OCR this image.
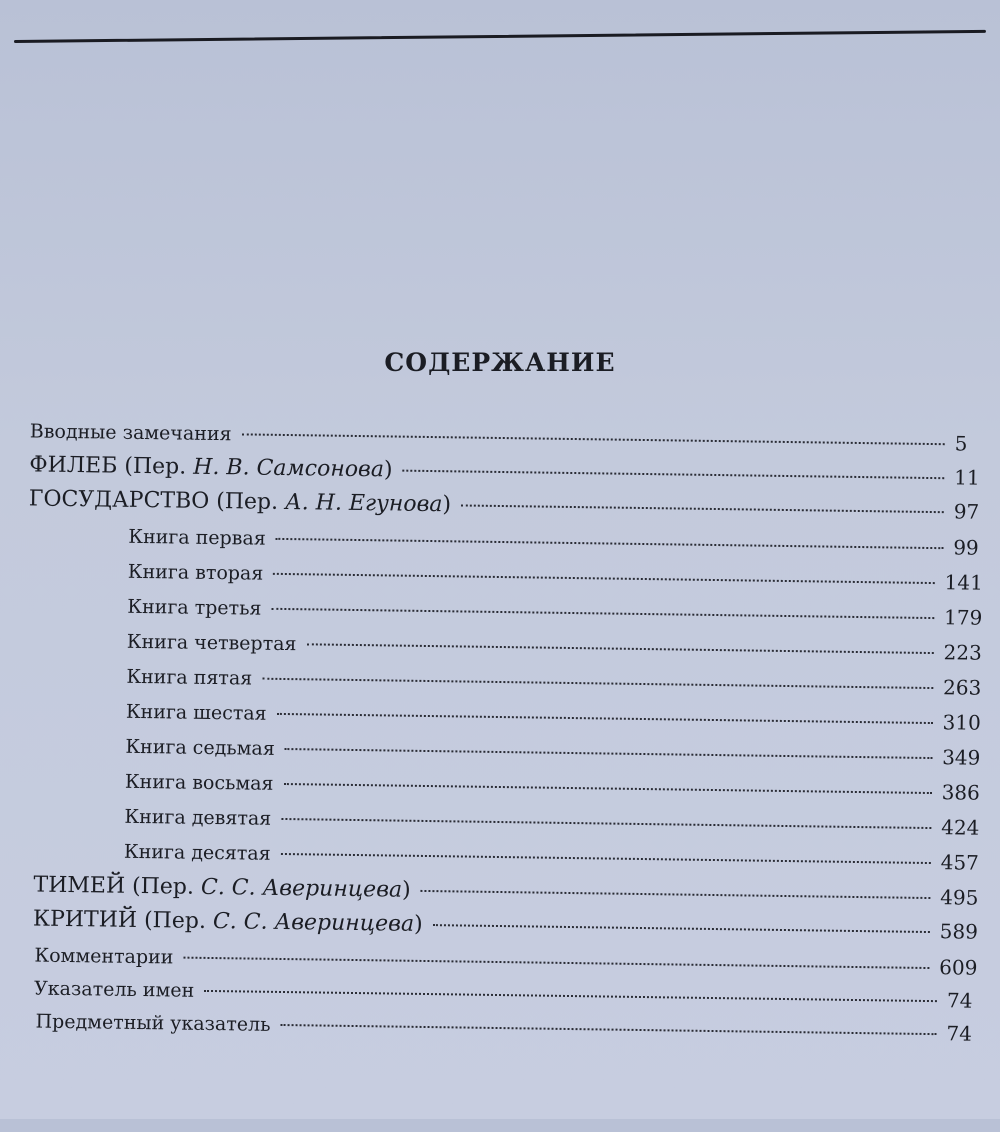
СОДЕРЖАНИЕ
Вводные замечания	5
ФИЛЕБ (Пер. Н. В. Самсонова)	11
ГОСУДАРСТВО (Пер. А. Н. Егунова)	97
Книга первая	99
Книга вторая	141
Книга третья	179
Книга четвертая	223
Книга пятая	263
Книга шестая	310
Книга седьмая	349
Книга восьмая	386
Книга девятая	424
Книга десятая	457
ТИМЕЙ (Пер. С. С. Аверинцева)	495
КРИТИЙ (Пер. С. С. Аверинцева)	589
Комментарии	609
Указатель имен	74
Предметный указатель	74
